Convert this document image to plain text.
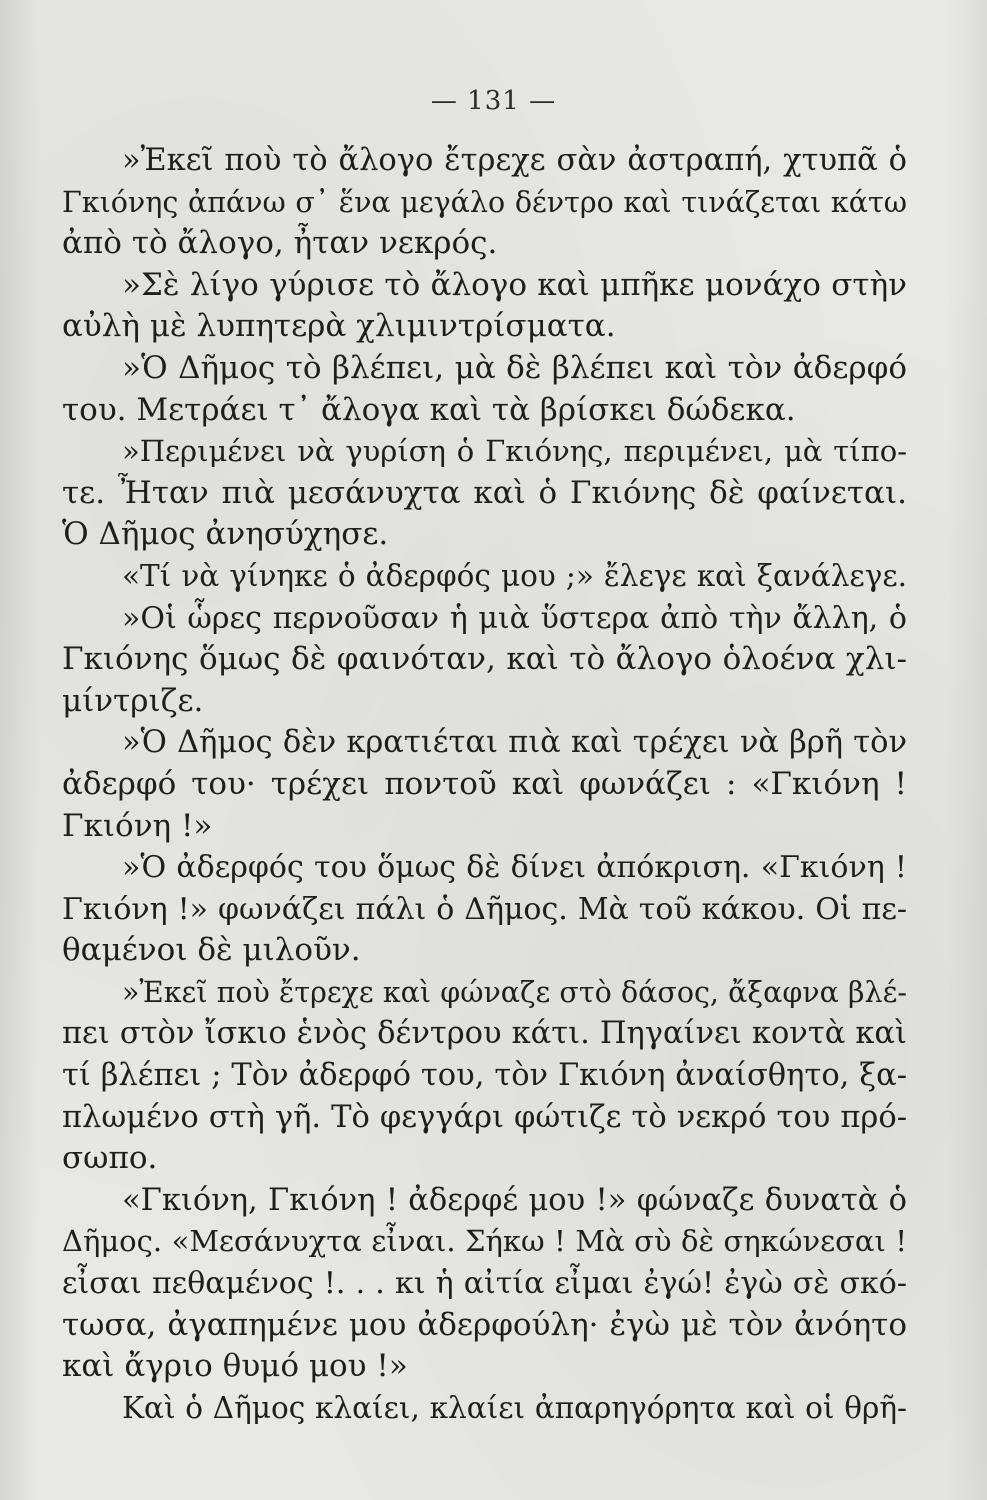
— 131 —
»Ἐκεῖ ποὺ τὸ ἄλογο ἔτρεχε σὰν ἀστραπή, χτυπᾶ ὁ
Γκιόνης ἀπάνω σ᾿ ἕνα μεγάλο δέντρο καὶ τινάζεται κάτω
ἀπὸ τὸ ἄλογο, ἦταν νεκρός.
»Σὲ λίγο γύρισε τὸ ἄλογο καὶ μπῆκε μονάχο στὴν
αὐλὴ μὲ λυπητερὰ χλιμιντρίσματα.
»Ὁ Δῆμος τὸ βλέπει, μὰ δὲ βλέπει καὶ τὸν ἀδερφό
του. Μετράει τ᾿ ἄλογα καὶ τὰ βρίσκει δώδεκα.
»Περιμένει νὰ γυρίση ὁ Γκιόνης, περιμένει, μὰ τίπο-
τε. Ἦταν πιὰ μεσάνυχτα καὶ ὁ Γκιόνης δὲ φαίνεται.
Ὁ Δῆμος ἀνησύχησε.
«Τί νὰ γίνηκε ὁ ἀδερφός μου ;» ἔλεγε καὶ ξανάλεγε.
»Οἱ ὧρες περνοῦσαν ἡ μιὰ ὕστερα ἀπὸ τὴν ἄλλη, ὁ
Γκιόνης ὅμως δὲ φαινόταν, καὶ τὸ ἄλογο ὁλοένα χλι-
μίντριζε.
»Ὁ Δῆμος δὲν κρατιέται πιὰ καὶ τρέχει νὰ βρῆ τὸν
ἀδερφό του· τρέχει ποντοῦ καὶ φωνάζει : «Γκιόνη !
Γκιόνη !»
»Ὁ ἀδερφός του ὅμως δὲ δίνει ἀπόκριση. «Γκιόνη !
Γκιόνη !» φωνάζει πάλι ὁ Δῆμος. Μὰ τοῦ κάκου. Οἱ πε-
θαμένοι δὲ μιλοῦν.
»Ἐκεῖ ποὺ ἔτρεχε καὶ φώναζε στὸ δάσος, ἄξαφνα βλέ-
πει στὸν ἴσκιο ἑνὸς δέντρου κάτι. Πηγαίνει κοντὰ καὶ
τί βλέπει ; Τὸν ἀδερφό του, τὸν Γκιόνη ἀναίσθητο, ξα-
πλωμένο στὴ γῆ. Τὸ φεγγάρι φώτιζε τὸ νεκρό του πρό-
σωπο.
«Γκιόνη, Γκιόνη ! ἀδερφέ μου !» φώναζε δυνατὰ ὁ
Δῆμος. «Μεσάνυχτα εἶναι. Σήκω ! Μὰ σὺ δὲ σηκώνεσαι !
εἶσαι πεθαμένος !. . . κι ἡ αἰτία εἶμαι ἐγώ! ἐγὼ σὲ σκό-
τωσα, ἀγαπημένε μου ἀδερφούλη· ἐγὼ μὲ τὸν ἀνόητο
καὶ ἄγριο θυμό μου !»
Καὶ ὁ Δῆμος κλαίει, κλαίει ἀπαρηγόρητα καὶ οἱ θρῆ-
